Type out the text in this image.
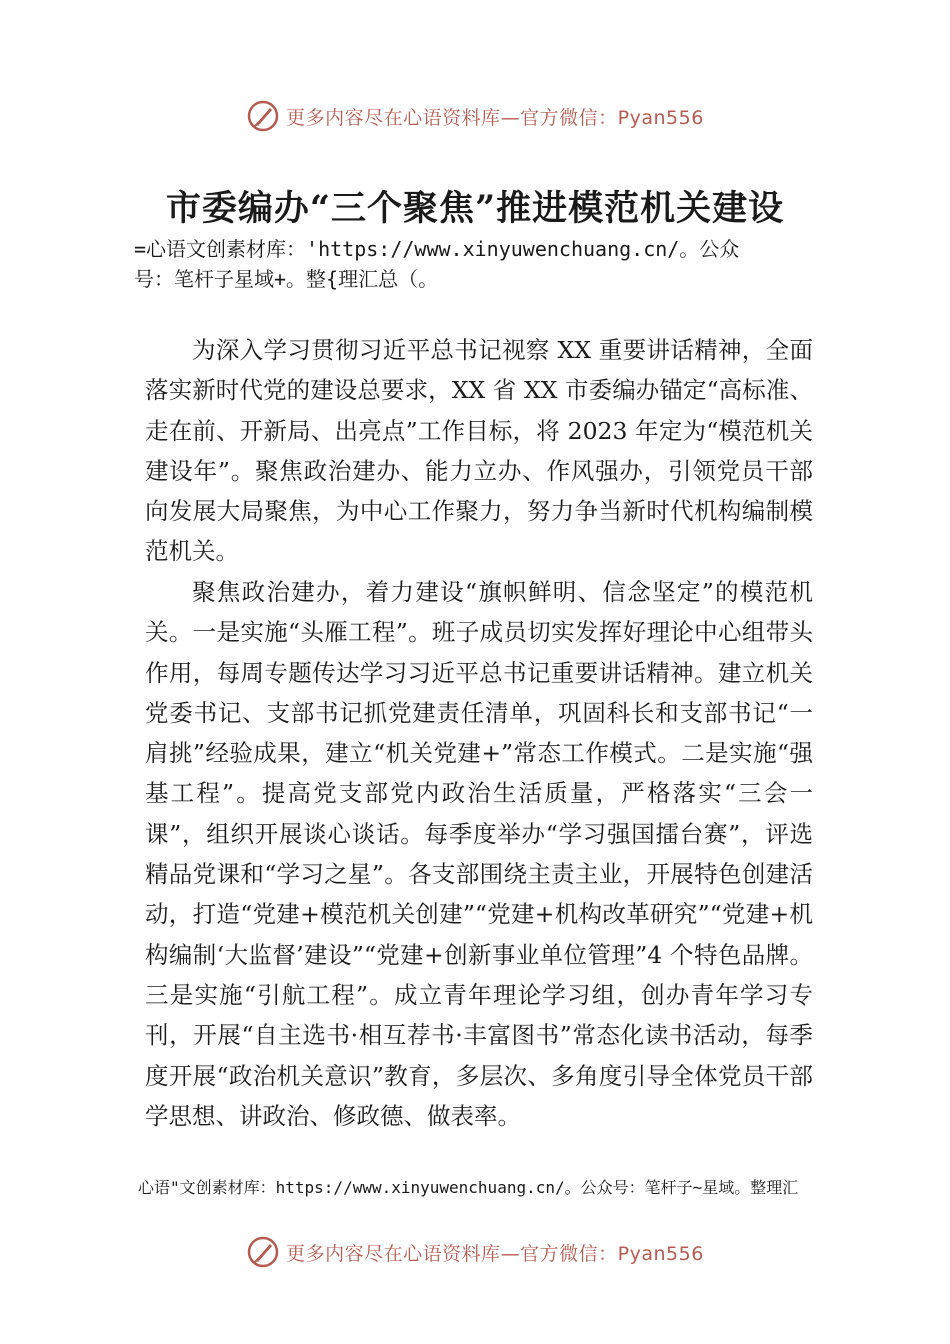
更多内容尽在心语资料库—官方微信：Pyan556
市委编办“三个聚焦”推进模范机关建设
=心语文创素材库：'https://www.xinyuwenchuang.cn/。公众
号：笔杆子星域+。整{理汇总（。

为深入学习贯彻习近平总书记视察 XX 重要讲话精神，全面落实新时代党的建设总要求，XX 省 XX 市委编办锚定“高标准、走在前、开新局、出亮点”工作目标，将 2023 年定为“模范机关建设年”。聚焦政治建办、能力立办、作风强办，引领党员干部向发展大局聚焦，为中心工作聚力，努力争当新时代机构编制模范机关。

聚焦政治建办，着力建设“旗帜鲜明、信念坚定”的模范机关。一是实施“头雁工程”。班子成员切实发挥好理论中心组带头作用，每周专题传达学习习近平总书记重要讲话精神。建立机关党委书记、支部书记抓党建责任清单，巩固科长和支部书记“一肩挑”经验成果，建立“机关党建+”常态工作模式。二是实施“强基工程”。提高党支部党内政治生活质量，严格落实“三会一课”，组织开展谈心谈话。每季度举办“学习强国擂台赛”，评选精品党课和“学习之星”。各支部围绕主责主业，开展特色创建活动，打造“党建+模范机关创建”“党建+机构改革研究”“党建+机构编制‘大监督’建设”“党建+创新事业单位管理”4 个特色品牌。三是实施“引航工程”。成立青年理论学习组，创办青年学习专刊，开展“自主选书·相互荐书·丰富图书”常态化读书活动，每季度开展“政治机关意识”教育，多层次、多角度引导全体党员干部学思想、讲政治、修政德、做表率。

心语"文创素材库：https://www.xinyuwenchuang.cn/。公众号：笔杆子~星域。整理汇
更多内容尽在心语资料库—官方微信：Pyan556
